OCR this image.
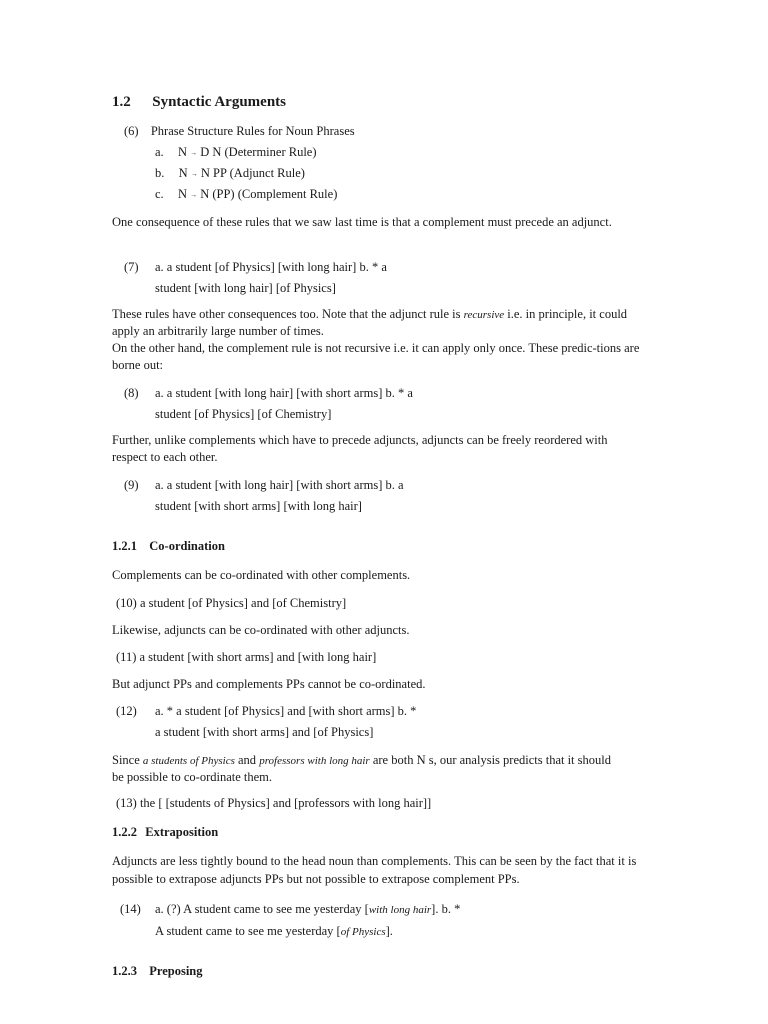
1.2 Syntactic Arguments
(6) Phrase Structure Rules for Noun Phrases
a. N → D N (Determiner Rule)
b. N → N PP (Adjunct Rule)
c. N → N (PP) (Complement Rule)
One consequence of these rules that we saw last time is that a complement must precede an adjunct.
(7) a. a student [of Physics] [with long hair] b. * a
student [with long hair] [of Physics]
These rules have other consequences too. Note that the adjunct rule is recursive i.e. in principle, it could
apply an arbitrarily large number of times.
On the other hand, the complement rule is not recursive i.e. it can apply only once. These predic-tions are
borne out:
(8) a. a student [with long hair] [with short arms] b. * a
student [of Physics] [of Chemistry]
Further, unlike complements which have to precede adjuncts, adjuncts can be freely reordered with
respect to each other.
(9) a. a student [with long hair] [with short arms] b. a
student [with short arms] [with long hair]
1.2.1 Co-ordination
Complements can be co-ordinated with other complements.
(10) a student [of Physics] and [of Chemistry]
Likewise, adjuncts can be co-ordinated with other adjuncts.
(11) a student [with short arms] and [with long hair]
But adjunct PPs and complements PPs cannot be co-ordinated.
(12) a. * a student [of Physics] and [with short arms] b. *
a student [with short arms] and [of Physics]
Since a students of Physics and professors with long hair are both N s, our analysis predicts that it should
be possible to co-ordinate them.
(13) the [ [students of Physics] and [professors with long hair]]
1.2.2 Extraposition
Adjuncts are less tightly bound to the head noun than complements. This can be seen by the fact that it is
possible to extrapose adjuncts PPs but not possible to extrapose complement PPs.
(14) a. (?) A student came to see me yesterday [with long hair]. b. *
A student came to see me yesterday [of Physics].
1.2.3 Preposing
